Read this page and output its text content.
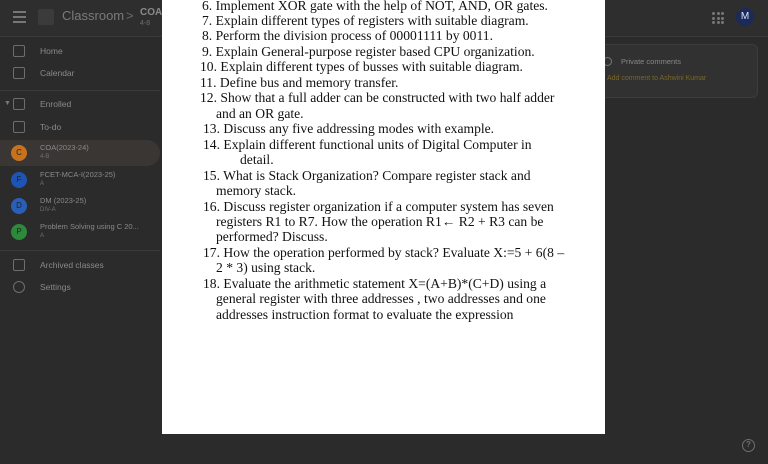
Classroom > COA
4-8
M
Home
Calendar
▼	Enrolled
To-do
C
COA(2023-24)
4-B
F
FCET-MCA-I(2023-25)
A
D
DM (2023-25)
DIV-A
P
Problem Solving using C 20...
A
Archived classes
Settings
Private comments
Add comment to Ashwini Kumar
?
6. Implement XOR gate with the help of NOT, AND, OR gates.
7. Explain different types of registers with suitable diagram.
8. Perform the division process of 00001111 by 0011.
9. Explain General-purpose register based CPU organization.
10. Explain different types of busses with suitable diagram.
11. Define bus and memory transfer.
12. Show that a full adder can be constructed with two half adder
and an OR gate.
13. Discuss any five addressing modes with example.
14. Explain different functional units of Digital Computer in
detail.
15. What is Stack Organization? Compare register stack and
memory stack.
16. Discuss register organization if a computer system has seven
registers R1 to R7. How the operation R1← R2 + R3 can be
performed? Discuss.
17. How the operation performed by stack? Evaluate X:=5 + 6(8 –
2 * 3) using stack.
18. Evaluate the arithmetic statement X=(A+B)*(C+D) using a
general register with three addresses , two addresses and one
addresses instruction format to evaluate the expression
